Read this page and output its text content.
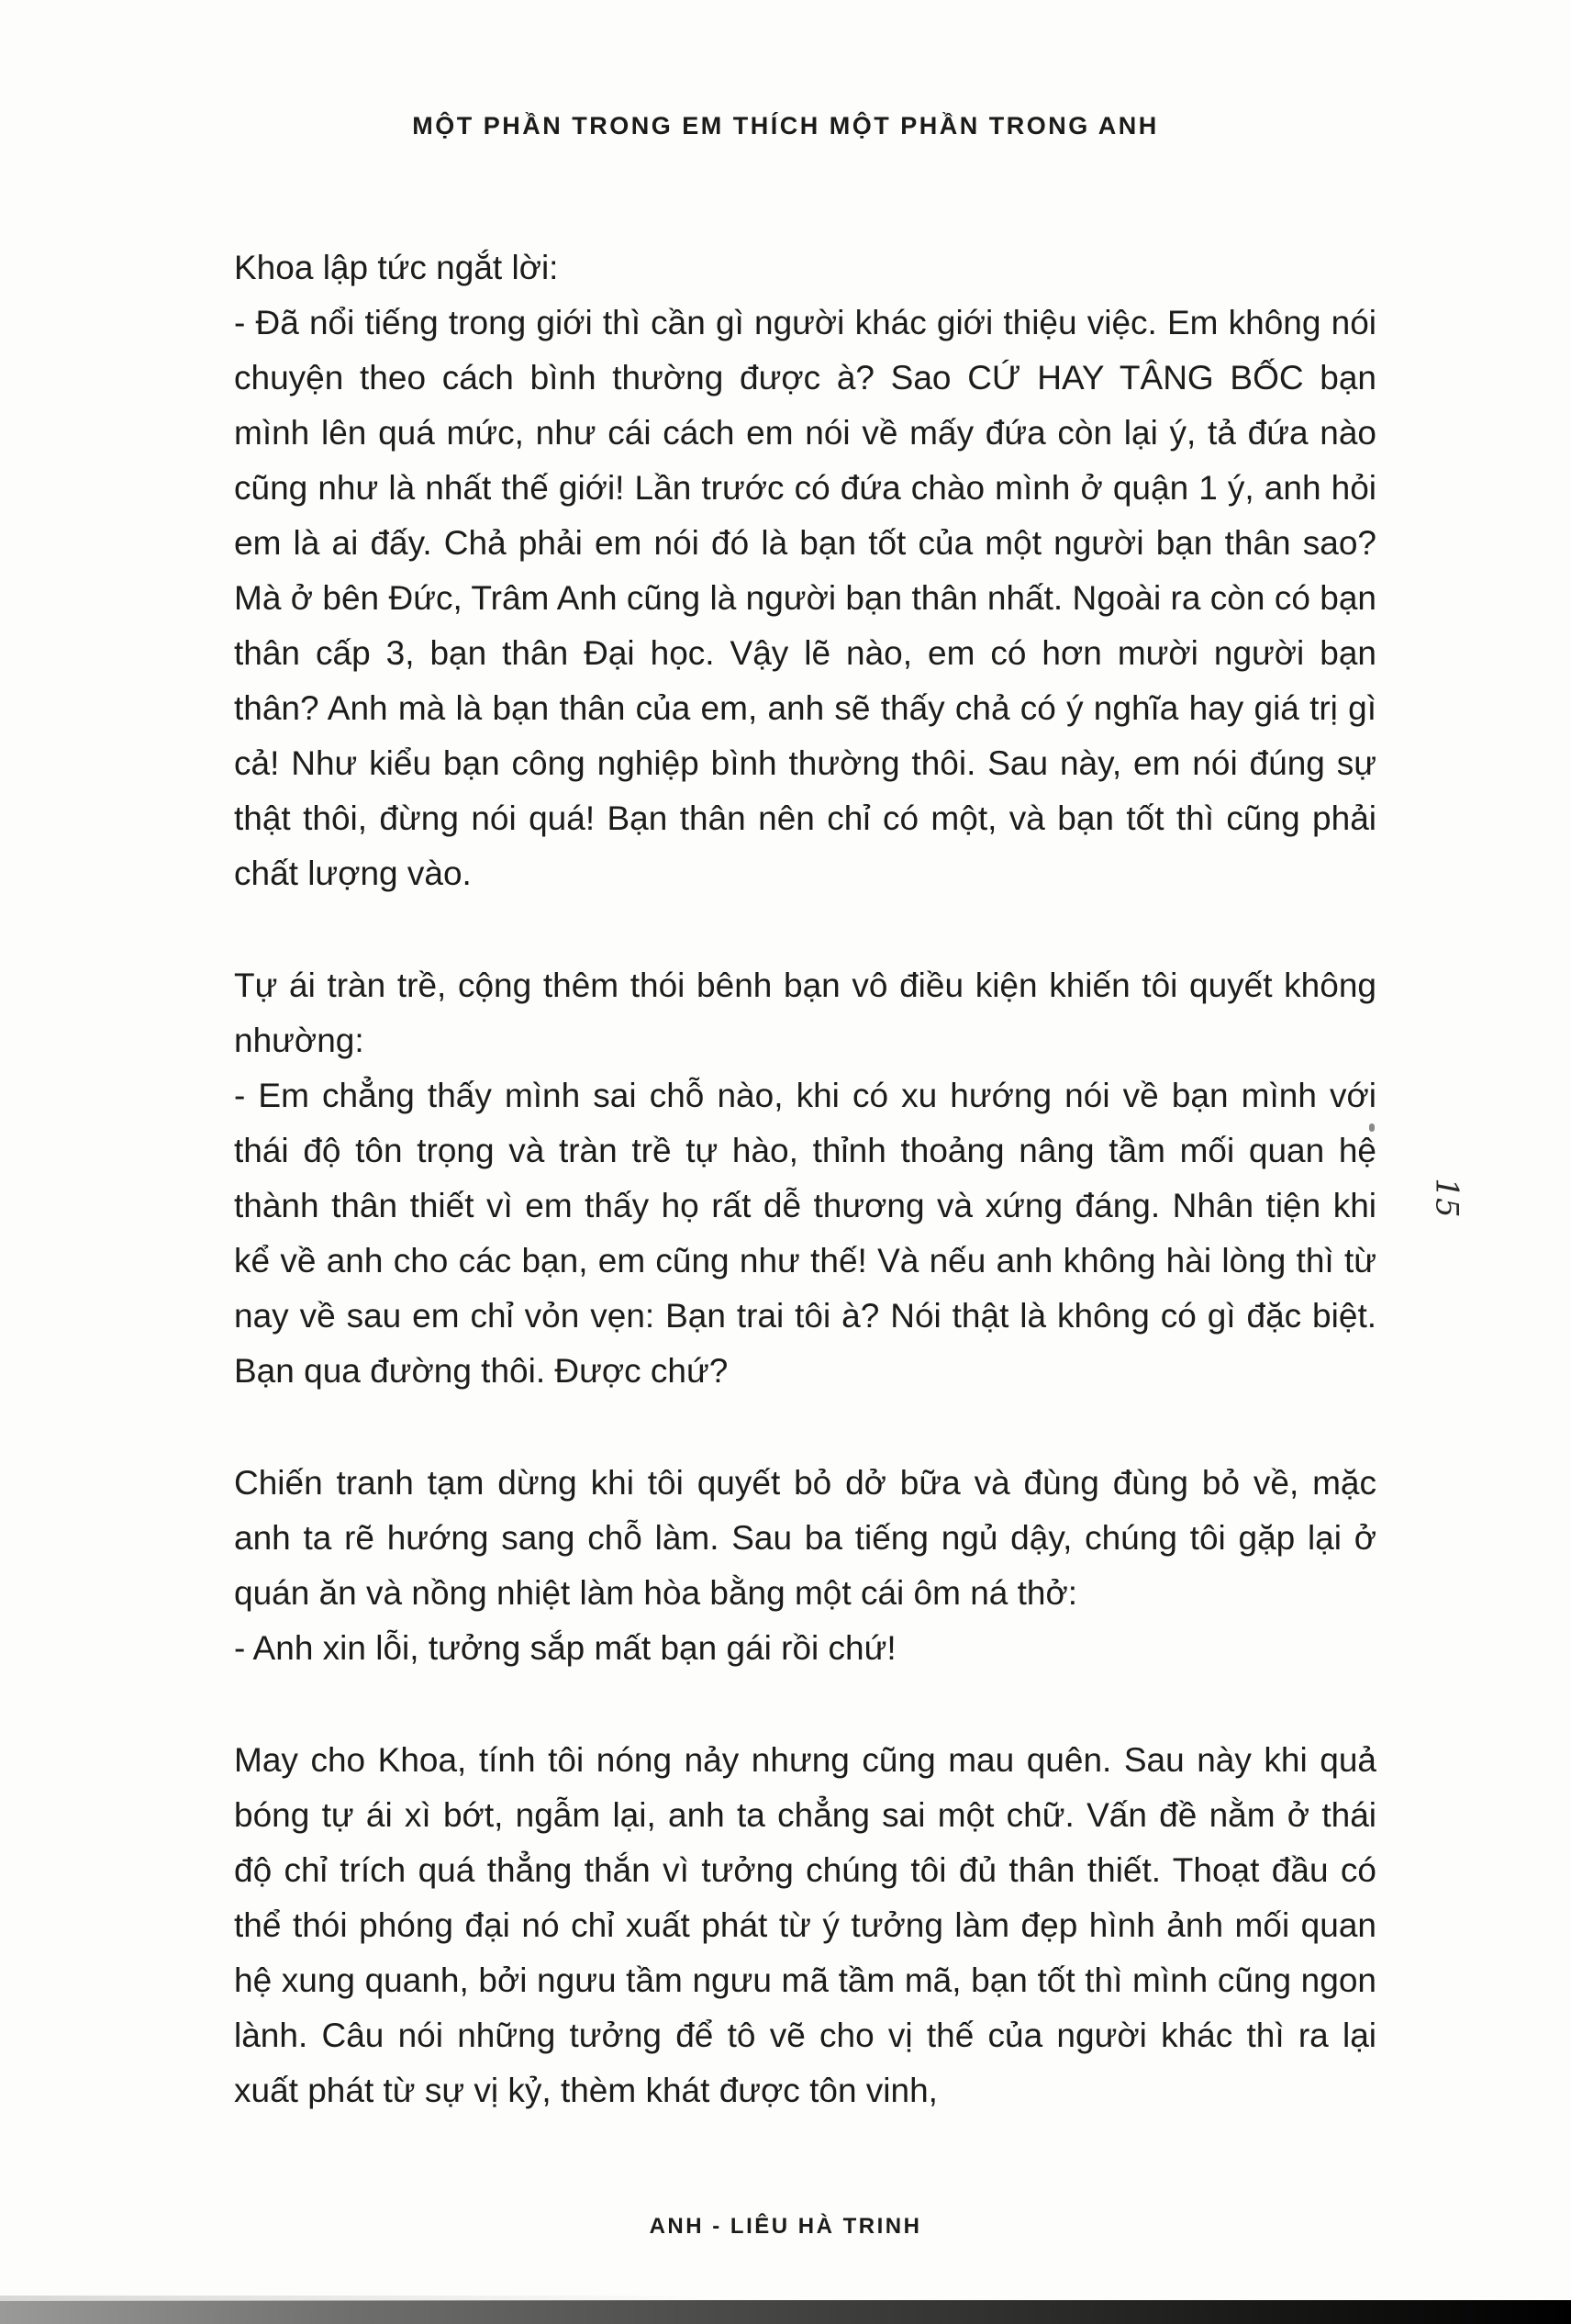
MỘT PHẦN TRONG EM THÍCH MỘT PHẦN TRONG ANH

Khoa lập tức ngắt lời:

- Đã nổi tiếng trong giới thì cần gì người khác giới thiệu việc. Em không nói chuyện theo cách bình thường được à? Sao CỨ HAY TÂNG BỐC bạn mình lên quá mức, như cái cách em nói về mấy đứa còn lại ý, tả đứa nào cũng như là nhất thế giới! Lần trước có đứa chào mình ở quận 1 ý, anh hỏi em là ai đấy. Chả phải em nói đó là bạn tốt của một người bạn thân sao? Mà ở bên Đức, Trâm Anh cũng là người bạn thân nhất. Ngoài ra còn có bạn thân cấp 3, bạn thân Đại học. Vậy lẽ nào, em có hơn mười người bạn thân? Anh mà là bạn thân của em, anh sẽ thấy chả có ý nghĩa hay giá trị gì cả! Như kiểu bạn công nghiệp bình thường thôi. Sau này, em nói đúng sự thật thôi, đừng nói quá! Bạn thân nên chỉ có một, và bạn tốt thì cũng phải chất lượng vào.

Tự ái tràn trề, cộng thêm thói bênh bạn vô điều kiện khiến tôi quyết không nhường:

- Em chẳng thấy mình sai chỗ nào, khi có xu hướng nói về bạn mình với thái độ tôn trọng và tràn trề tự hào, thỉnh thoảng nâng tầm mối quan hệ thành thân thiết vì em thấy họ rất dễ thương và xứng đáng. Nhân tiện khi kể về anh cho các bạn, em cũng như thế! Và nếu anh không hài lòng thì từ nay về sau em chỉ vỏn vẹn: Bạn trai tôi à? Nói thật là không có gì đặc biệt. Bạn qua đường thôi. Được chứ?

Chiến tranh tạm dừng khi tôi quyết bỏ dở bữa và đùng đùng bỏ về, mặc anh ta rẽ hướng sang chỗ làm. Sau ba tiếng ngủ dậy, chúng tôi gặp lại ở quán ăn và nồng nhiệt làm hòa bằng một cái ôm ná thở:

- Anh xin lỗi, tưởng sắp mất bạn gái rồi chứ!

May cho Khoa, tính tôi nóng nảy nhưng cũng mau quên. Sau này khi quả bóng tự ái xì bớt, ngẫm lại, anh ta chẳng sai một chữ. Vấn đề nằm ở thái độ chỉ trích quá thẳng thắn vì tưởng chúng tôi đủ thân thiết. Thoạt đầu có thể thói phóng đại nó chỉ xuất phát từ ý tưởng làm đẹp hình ảnh mối quan hệ xung quanh, bởi ngưu tầm ngưu mã tầm mã, bạn tốt thì mình cũng ngon lành. Câu nói những tưởng để tô vẽ cho vị thế của người khác thì ra lại xuất phát từ sự vị kỷ, thèm khát được tôn vinh,

15
ANH - LIÊU HÀ TRINH
